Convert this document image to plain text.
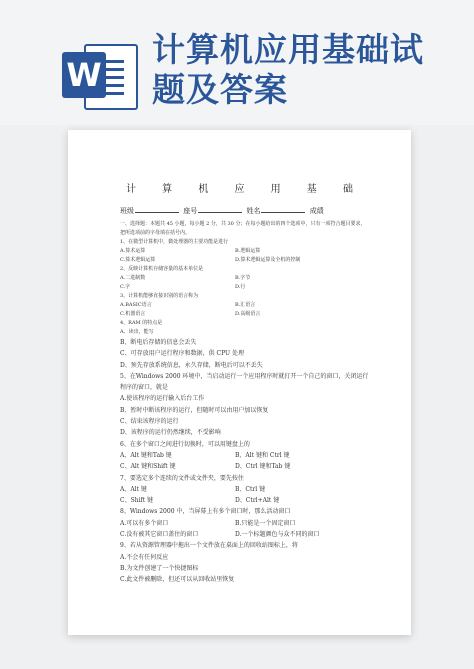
W
计算机应用基础试
题及答案
计	算	机	应	用	基	础
班级	座号	姓名	成绩
一、选择题：本题共 45 小题，每小题 2 分，共 30 分；在每小题给出的四个选项中，只有一项符合题目要求，
把所选项前的字母填在括号内。
1、在微型计算机中，微处理器的主要功能是进行
A.算术运算	B.逻辑运算
C.算术逻辑运算	D.算术逻辑运算及全机的控制
2、反映计算机存储容量的基本单位是
A.二进制数	B.字节
C.字	D.行
3、计算机能够直接识别的语言称为
A.BASIC语言	B.汇语言
C.机器语言	D.高级语言
4、RAM 的特点是
A、读出，能写
B、断电后存储的信息会丢失
C、可存放用户运行程序和数据，供 CPU 处理
D、预先存放系统信息，永久存储，断电后可以不丢失
5、在Windows 2000 环境中，当启动运行一个应用程序时就打开一个自己的窗口，关闭运行
程序的窗口，就是
A.使该程序的运行输入后台工作
B、暂时中断该程序的运行，但随时可以由用户加以恢复
C、结束该程序的运行
D、该程序的运行仍然继续，不受影响
6、在多个窗口之间进行切换时，可以用键盘上的
A、Alt 键和Tab 键	B、Alt 键和 Ctrl 键
C、Alt 键和Shift 键	D、Ctrl 键和Tab 键
7、要选定多个连续的文件或文件夹，要先按住
A、Alt 键	B、Ctrl 键
C、Shift 键	D、Ctrl+Alt 键
8、Windows 2000 中，当屏幕上有多个窗口时，那么活动窗口
A.可以有多个窗口	B.只能是一个固定窗口
C.没有被其它窗口盖住的窗口	D.一个标题颜色与众不同的窗口
9、若从资源管理器中拖出一个文件放在桌面上的回收站图标上，将
A.不会有任何反应
B.为文件创建了一个快捷图标
C.此文件被删除，但还可以从回收站里恢复
